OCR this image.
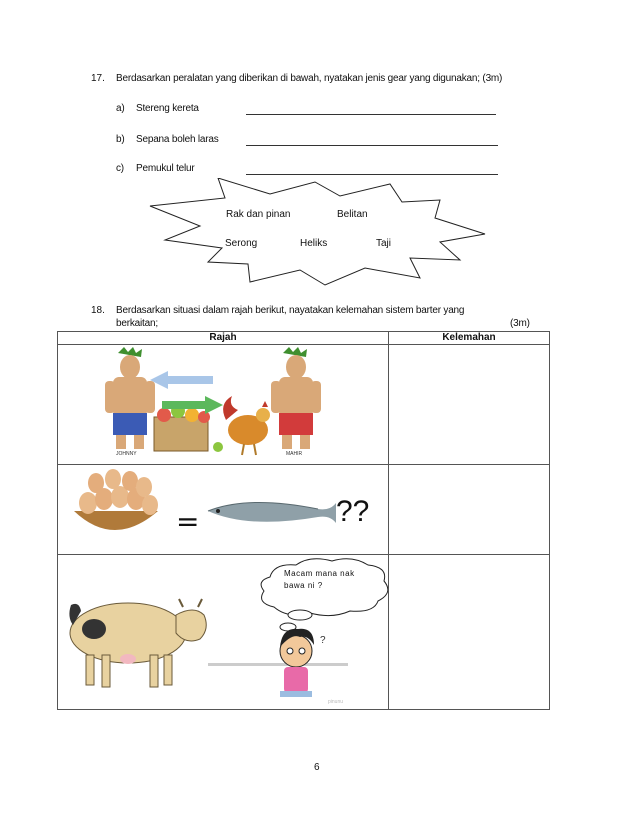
17. Berdasarkan peralatan yang diberikan di bawah, nyatakan jenis gear yang digunakan; (3m)
a) Stereng kereta
b) Sepana boleh laras
c) Pemukul telur
Rak dan pinan	Belitan
Serong	Heliks	Taji
18. Berdasarkan situasi dalam rajah berikut, nayatakan kelemahan sistem barter yang
berkaitan;	(3m)
Rajah	Kelemahan

JOHNNY MAHIR	

= ??	

?
pinunu
Macam mana nak
bawa ni ?	

6
